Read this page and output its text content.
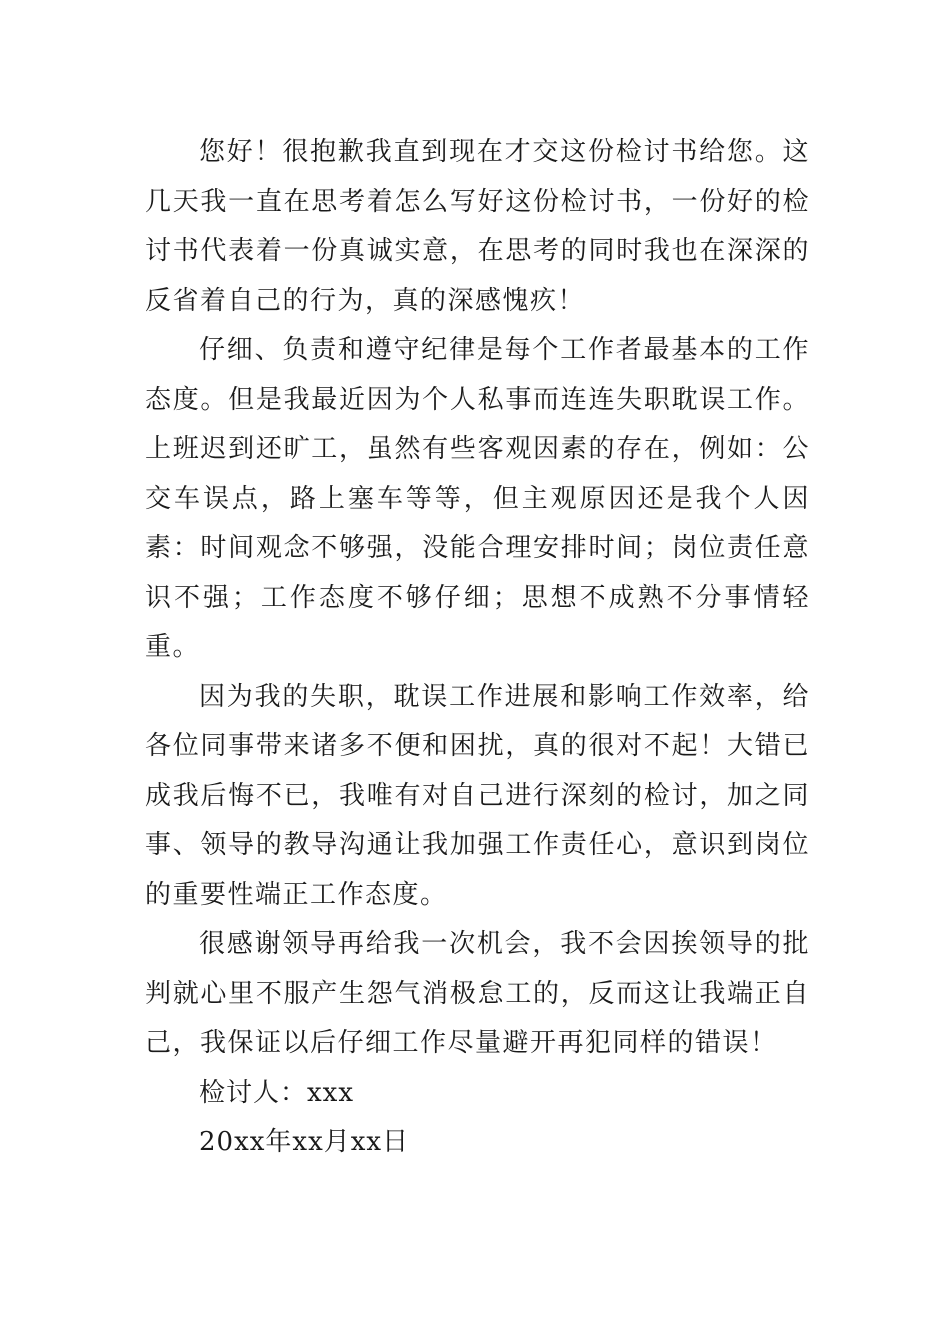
您好！很抱歉我直到现在才交这份检讨书给您。这几天我一直在思考着怎么写好这份检讨书，一份好的检讨书代表着一份真诚实意，在思考的同时我也在深深的反省着自己的行为，真的深感愧疚！

仔细、负责和遵守纪律是每个工作者最基本的工作态度。但是我最近因为个人私事而连连失职耽误工作。上班迟到还旷工，虽然有些客观因素的存在，例如：公交车误点，路上塞车等等，但主观原因还是我个人因素：时间观念不够强，没能合理安排时间；岗位责任意识不强；工作态度不够仔细；思想不成熟不分事情轻重。

因为我的失职，耽误工作进展和影响工作效率，给各位同事带来诸多不便和困扰，真的很对不起！大错已成我后悔不已，我唯有对自己进行深刻的检讨，加之同事、领导的教导沟通让我加强工作责任心，意识到岗位的重要性端正工作态度。

很感谢领导再给我一次机会，我不会因挨领导的批判就心里不服产生怨气消极怠工的，反而这让我端正自己，我保证以后仔细工作尽量避开再犯同样的错误！

检讨人：xxx

20xx年xx月xx日
